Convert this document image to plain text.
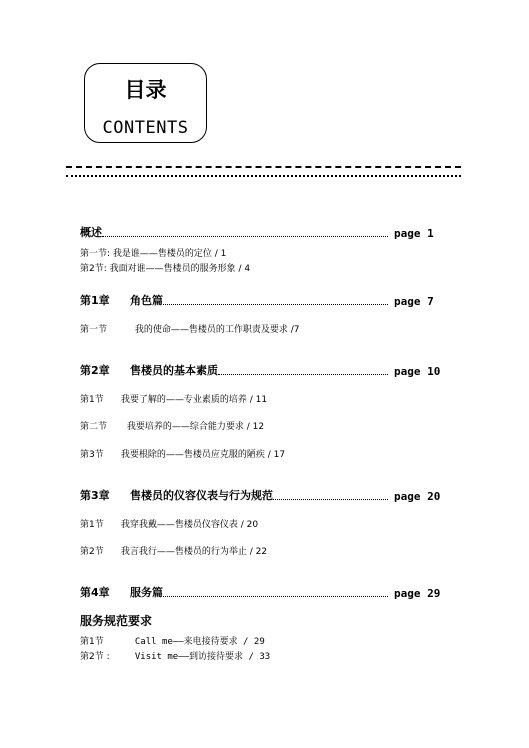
目录
CONTENTS
概述	page 1
第一节: 我是谁——售楼员的定位 / 1
第2节: 我面对谁——售楼员的服务形象 / 4
第1章 角色篇	page 7
第一节	我的使命——售楼员的工作职责及要求 /7
第2章 售楼员的基本素质	page 10
第1节 我要了解的——专业素质的培养 / 11
第二节 我要培养的——综合能力要求 / 12
第3节 我要根除的——售楼员应克服的陋疾 / 17
第3章 售楼员的仪容仪表与行为规范	page 20
第1节 我穿我戴——售楼员仪容仪表 / 20
第2节 我言我行——售楼员的行为举止 / 22
第4章 服务篇	page 29
服务规范要求
第1节	Call me——来电接待要求 / 29
第2节 :	Visit me——到访接待要求 / 33
